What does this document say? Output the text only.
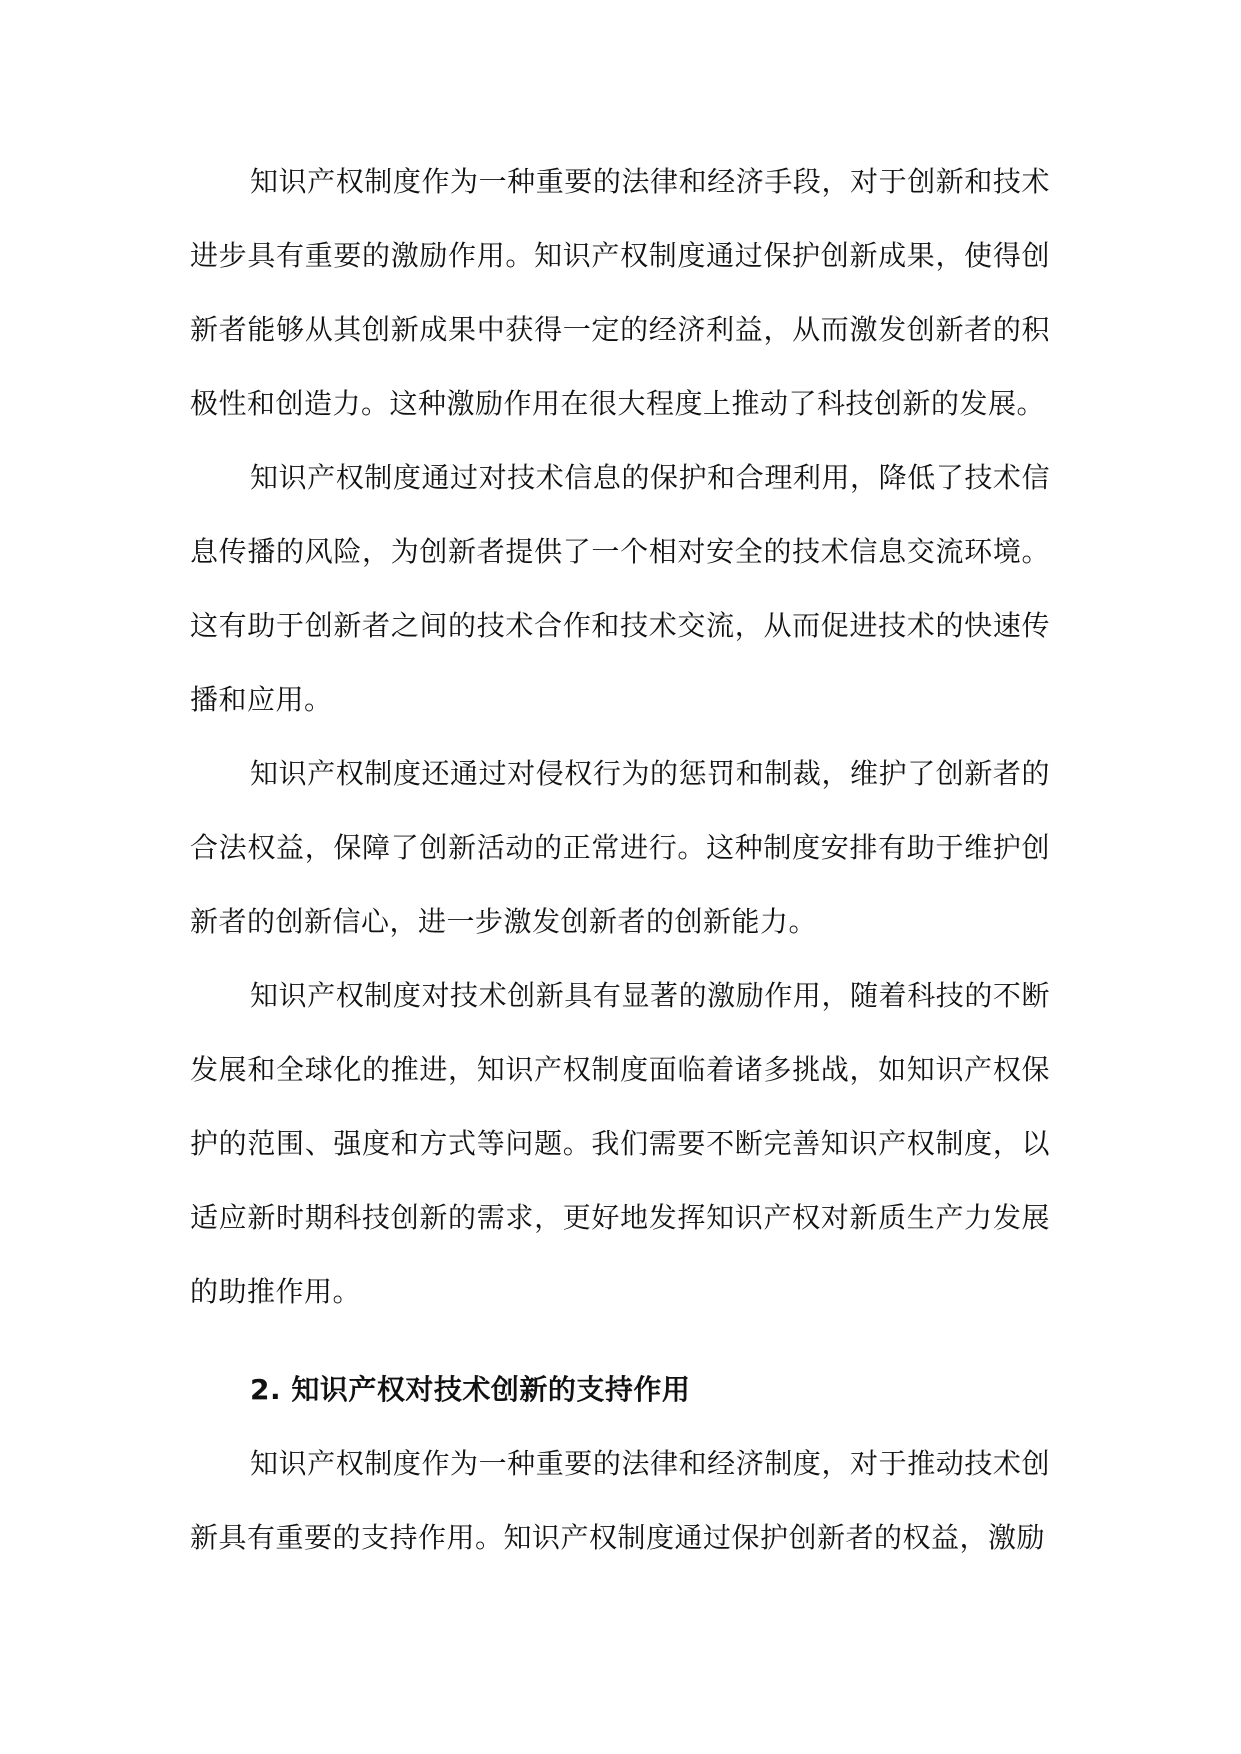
知识产权制度作为一种重要的法律和经济手段，对于创新和技术进步具有重要的激励作用。知识产权制度通过保护创新成果，使得创新者能够从其创新成果中获得一定的经济利益，从而激发创新者的积极性和创造力。这种激励作用在很大程度上推动了科技创新的发展。

知识产权制度通过对技术信息的保护和合理利用，降低了技术信息传播的风险，为创新者提供了一个相对安全的技术信息交流环境。这有助于创新者之间的技术合作和技术交流，从而促进技术的快速传播和应用。

知识产权制度还通过对侵权行为的惩罚和制裁，维护了创新者的合法权益，保障了创新活动的正常进行。这种制度安排有助于维护创新者的创新信心，进一步激发创新者的创新能力。

知识产权制度对技术创新具有显著的激励作用，随着科技的不断发展和全球化的推进，知识产权制度面临着诸多挑战，如知识产权保护的范围、强度和方式等问题。我们需要不断完善知识产权制度，以适应新时期科技创新的需求，更好地发挥知识产权对新质生产力发展的助推作用。

2. 知识产权对技术创新的支持作用

知识产权制度作为一种重要的法律和经济制度，对于推动技术创新具有重要的支持作用。知识产权制度通过保护创新者的权益，激励
